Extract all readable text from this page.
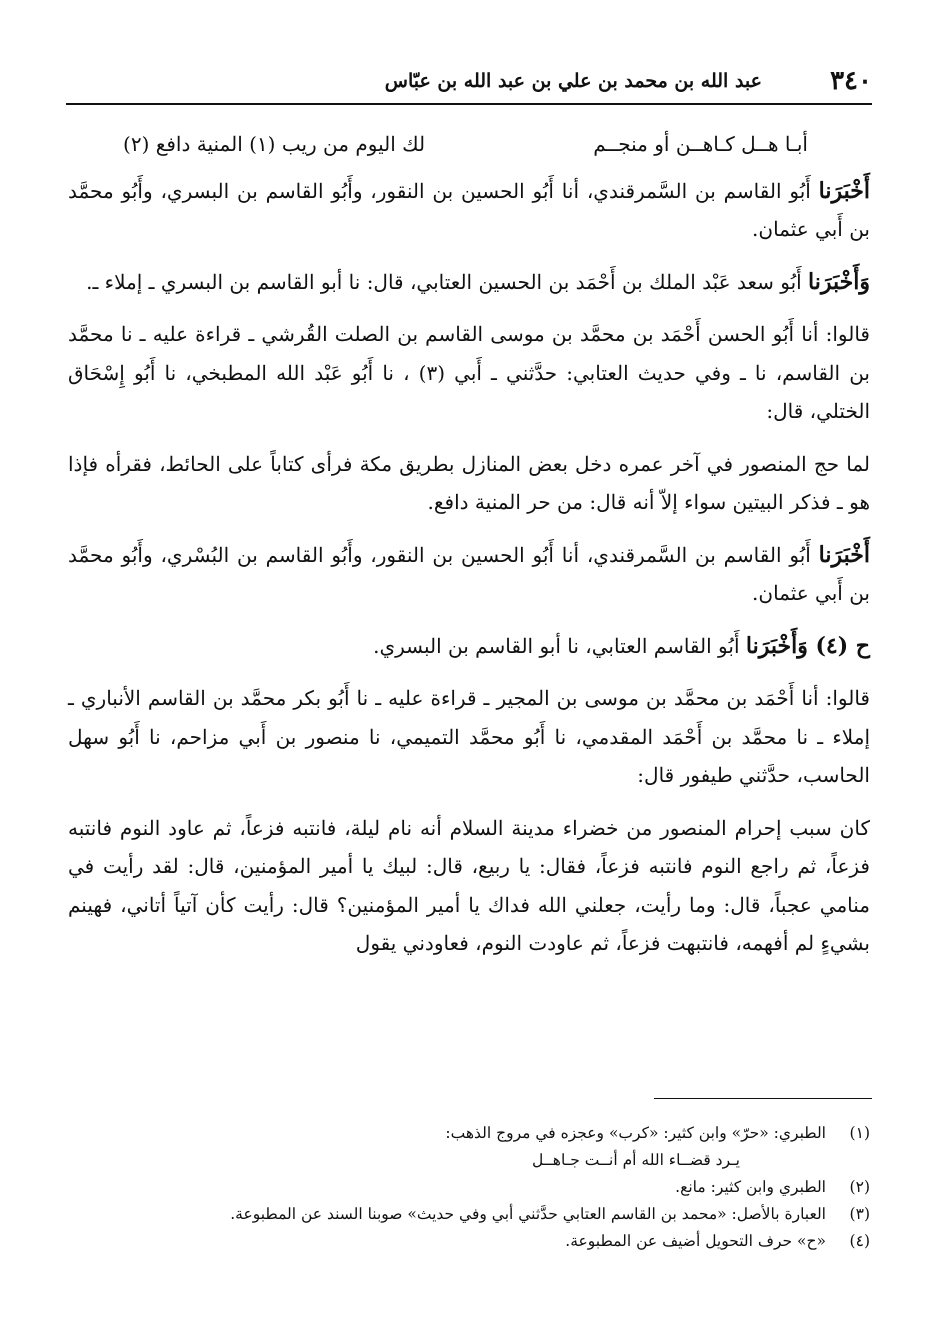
٣٤٠
عبد الله بن محمد بن علي بن عبد الله بن عبّاس
أبـا هــل كـاهــن أو منجــم
لك اليوم من ريب (١) المنية دافع (٢)

أَخْبَرَنا أَبُو القاسم بن السَّمرقندي، أنا أَبُو الحسين بن النقور، وأَبُو القاسم بن البسري، وأَبُو محمَّد بن أَبي عثمان.

وَأَخْبَرَنا أَبُو سعد عَبْد الملك بن أَحْمَد بن الحسين العتابي، قال: نا أبو القاسم بن البسري ـ إملاء ـ.

قالوا: أنا أَبُو الحسن أَحْمَد بن محمَّد بن موسى القاسم بن الصلت القُرشي ـ قراءة عليه ـ نا محمَّد بن القاسم، نا ـ وفي حديث العتابي: حدَّثني ـ أَبي (٣) ، نا أَبُو عَبْد الله المطبخي، نا أَبُو إِسْحَاق الختلي، قال:

لما حج المنصور في آخر عمره دخل بعض المنازل بطريق مكة فرأى كتاباً على الحائط، فقرأه فإذا هو ـ فذكر البيتين سواء إلاّ أنه قال: من حر المنية دافع.

أَخْبَرَنا أَبُو القاسم بن السَّمرقندي، أنا أَبُو الحسين بن النقور، وأَبُو القاسم بن البُسْري، وأَبُو محمَّد بن أَبي عثمان.

ح (٤) وَأَخْبَرَنا أَبُو القاسم العتابي، نا أبو القاسم بن البسري.

قالوا: أنا أَحْمَد بن محمَّد بن موسى بن المجير ـ قراءة عليه ـ نا أَبُو بكر محمَّد بن القاسم الأنباري ـ إملاء ـ نا محمَّد بن أَحْمَد المقدمي، نا أَبُو محمَّد التميمي، نا منصور بن أَبي مزاحم، نا أَبُو سهل الحاسب، حدَّثني طيفور قال:

كان سبب إحرام المنصور من خضراء مدينة السلام أنه نام ليلة، فانتبه فزعاً، ثم عاود النوم فانتبه فزعاً، ثم راجع النوم فانتبه فزعاً، فقال: يا ربيع، قال: لبيك يا أمير المؤمنين، قال: لقد رأيت في منامي عجباً، قال: وما رأيت، جعلني الله فداك يا أمير المؤمنين؟ قال: رأيت كأن آتياً أتاني، فهينم بشيءٍ لم أفهمه، فانتبهت فزعاً، ثم عاودت النوم، فعاودني يقول

(١)
الطبري: «حرّ» وابن كثير: «كرب» وعجزه في مروج الذهب:
يـرد قضــاء الله أم أنــت جـاهــل
(٢)
الطبري وابن كثير: مانع.
(٣)
العبارة بالأصل: «محمد بن القاسم العتابي حدَّثني أبي وفي حديث» صوبنا السند عن المطبوعة.
(٤)
«ح» حرف التحويل أضيف عن المطبوعة.
